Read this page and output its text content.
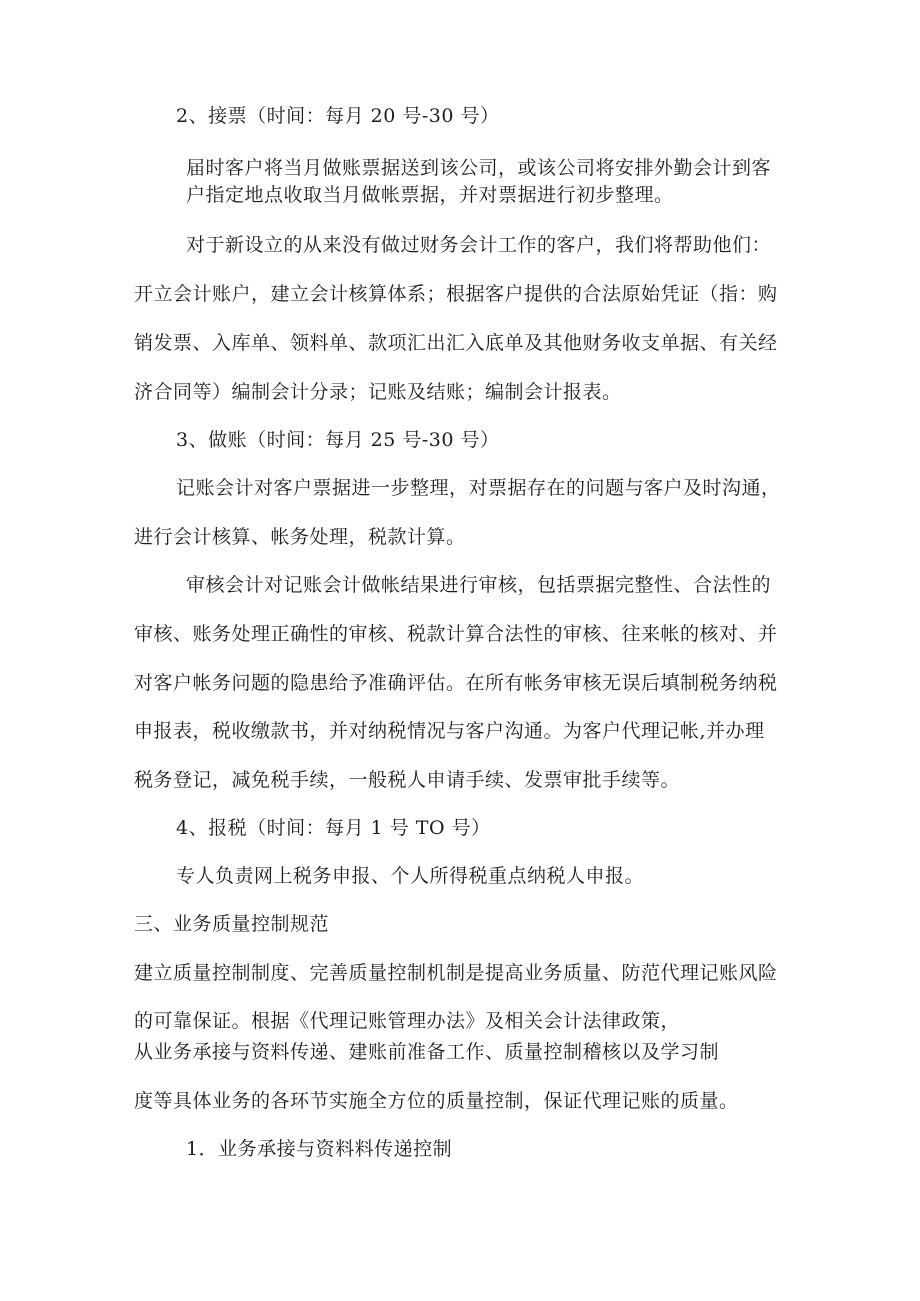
2、接票（时间：每月 20 号-30 号）

届时客户将当月做账票据送到该公司，或该公司将安排外勤会计到客

户指定地点收取当月做帐票据，并对票据进行初步整理。

对于新设立的从来没有做过财务会计工作的客户，我们将帮助他们：

开立会计账户，建立会计核算体系；根据客户提供的合法原始凭证（指：购

销发票、入库单、领料单、款项汇出汇入底单及其他财务收支单据、有关经

济合同等）编制会计分录；记账及结账；编制会计报表。

3、做账（时间：每月 25 号-30 号）

记账会计对客户票据进一步整理，对票据存在的问题与客户及时沟通，

进行会计核算、帐务处理，税款计算。

审核会计对记账会计做帐结果进行审核，包括票据完整性、合法性的

审核、账务处理正确性的审核、税款计算合法性的审核、往来帐的核对、并

对客户帐务问题的隐患给予准确评估。在所有帐务审核无误后填制税务纳税

申报表，税收缴款书，并对纳税情况与客户沟通。为客户代理记帐,并办理

税务登记，减免税手续，一般税人申请手续、发票审批手续等。

4、报税（时间：每月 1 号 TO 号）

专人负责网上税务申报、个人所得税重点纳税人申报。

三、业务质量控制规范

建立质量控制制度、完善质量控制机制是提高业务质量、防范代理记账风险

的可靠保证。根据《代理记账管理办法》及相关会计法律政策，

从业务承接与资料传递、建账前准备工作、质量控制稽核以及学习制

度等具体业务的各环节实施全方位的质量控制，保证代理记账的质量。

1．业务承接与资料料传递控制
